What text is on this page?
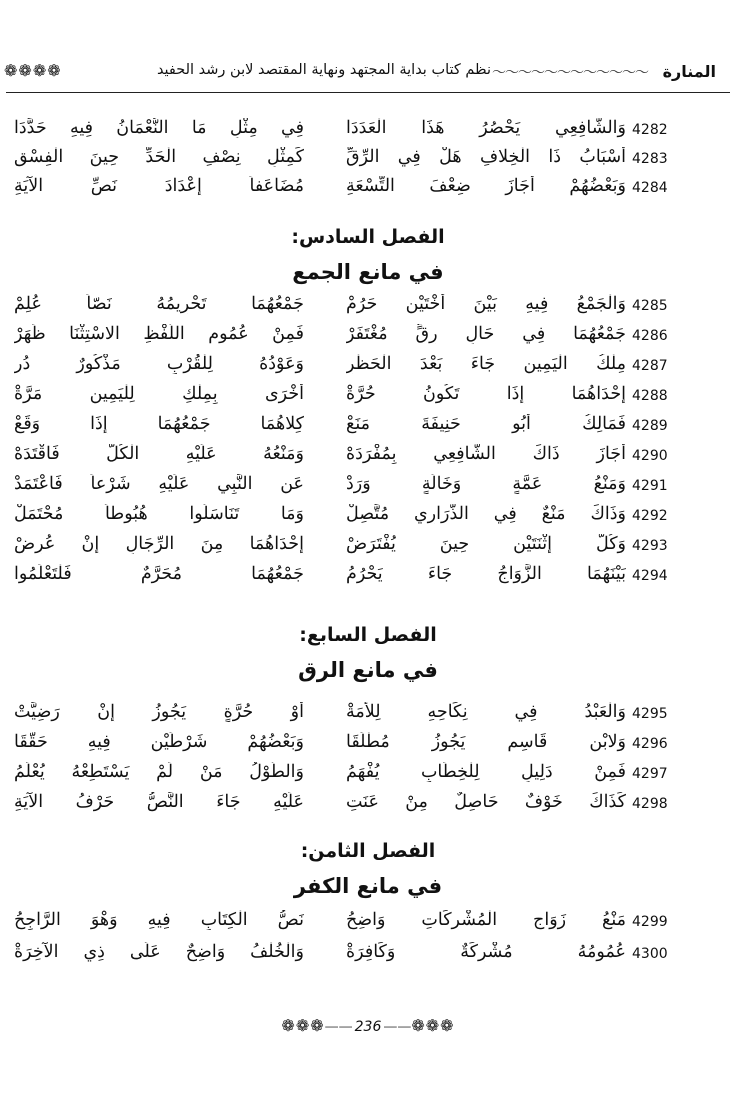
المنارة
〜〜〜〜〜〜〜〜〜〜〜〜
نظم كتاب بداية المجتهد ونهاية المقتصد لابن رشد الحفيد
❁❁❁❁
4282
وَالشَّافِعِي يَحْصُرُ هَذَا الْعَدَدَا
فِي مِثْلِ مَا النُّعْمَانُ فِيهِ حَدَّدَا
4283
أَسْبَابُ ذَا الْخِلافِ هَلْ فِي الرِّقِّ
كَمِثْلِ نِصْفِ الْحَدِّ حِينَ الْفِسْقِ
4284
وَبَعْضُهُمْ أَجَازَ ضِعْفَ التِّسْعَةِ
مُضَاعَفاً إِعْدَادَ نَصِّ الآيَةِ
الفصل السادس:
في مانع الجمع
4285
وَالْجَمْعُ فِيهِ بَيْنَ أُخْتَيْنِ حَرُمْ
جَمْعُهُمَا تَحْرِيمُهُ نَصّاً عُلِمْ
4286
جَمْعُهُمَا فِي حَالِ رِقٍّ مُغْتَفَرْ
فَمِنْ عُمُومِ اللَّفْظِ الاسْتِثْنَا ظَهَرْ
4287
مِلْكُ الْيَمِينِ جَاءَ بَعْدَ الْحَظْرِ
وَعَوْدُهُ لِلْقُرْبِ مَذْكُورٌ دُرِ
4288
إِحْدَاهُمَا إِذَا تَكُونُ حُرَّةْ
أُخْرَى بِمِلْكِ لِلْيَمِينِ مَرَّةْ
4289
فَمَالِكُ أَبُو حَنِيفَةَ مَنَعْ
كِلاهُمَا جَمْعُهُمَا إِذَا وَقَعْ
4290
أَجَازَ ذَاكَ الشَّافِعِي بِمُفْرَدَهْ
وَمَنْعُهُ عَلَيْهِ الْكُلُّ فَاقْتَدَهْ
4291
وَمَنْعُ عَمَّةٍ وَخَالَةٍ وَرَدْ
عَنِ النَّبِي عَلَيْهِ شَرْعاً فَاعْتَمَدْ
4292
وَذَاكَ مَنْعٌ فِي الذَّرَارِي مُتَّصِلْ
وَمَا تَنَاسَلُوا هُبُوطاً مُحْتَمَلْ
4293
وَكُلُّ إِثْنَتَيْنِ حِينَ يُفْتَرَضْ
إِحْدَاهُمَا مِنَ الرِّجَالِ إِنْ عُرِضْ
4294
بَيْنَهُمَا الزَّوَاجُ جَاءَ يَحْرُمُ
جَمْعُهُمَا مُحَرَّمٌ فَلْتَعْلَمُوا
الفصل السابع:
في مانع الرق
4295
وَالْعَبْدُ فِي نِكَاحِهِ لِلأَمَةْ
أَوْ حُرَّةٍ يَجُوزُ إِنْ رَضِيَّتْ
4296
وَلابْنِ قَاسِمٍ يَجُوزُ مُطْلَقَا
وَبَعْضُهُمْ شَرْطَيْنِ فِيهِ حَقَّقَا
4297
فَمِنْ دَلِيلٍ لِلْخِطَابِ يُفْهَمُ
وَالطَّوْلُ مَنْ لَمْ يَسْتَطِعْهُ يُعْلَمُ
4298
كَذَاكَ خَوْفٌ حَاصِلٌ مِنْ عَنَتِ
عَلَيْهِ جَاءَ النَّصُّ حَرْفُ الآيَةِ
الفصل الثامن:
في مانع الكفر
4299
مَنْعُ زَوَاجِ الْمُشْرِكَاتِ وَاضِحُ
نَصُّ الْكِتَابِ فِيهِ وَهْوَ الرَّاجِحُ
4300
عُمُومُهُ مُشْرِكَةٌ وَكَافِرَةْ
وَالْخُلْفُ وَاضِحٌ عَلَى ذِي الآخِرَةْ
❁❁❁—— 236 ——❁❁❁
